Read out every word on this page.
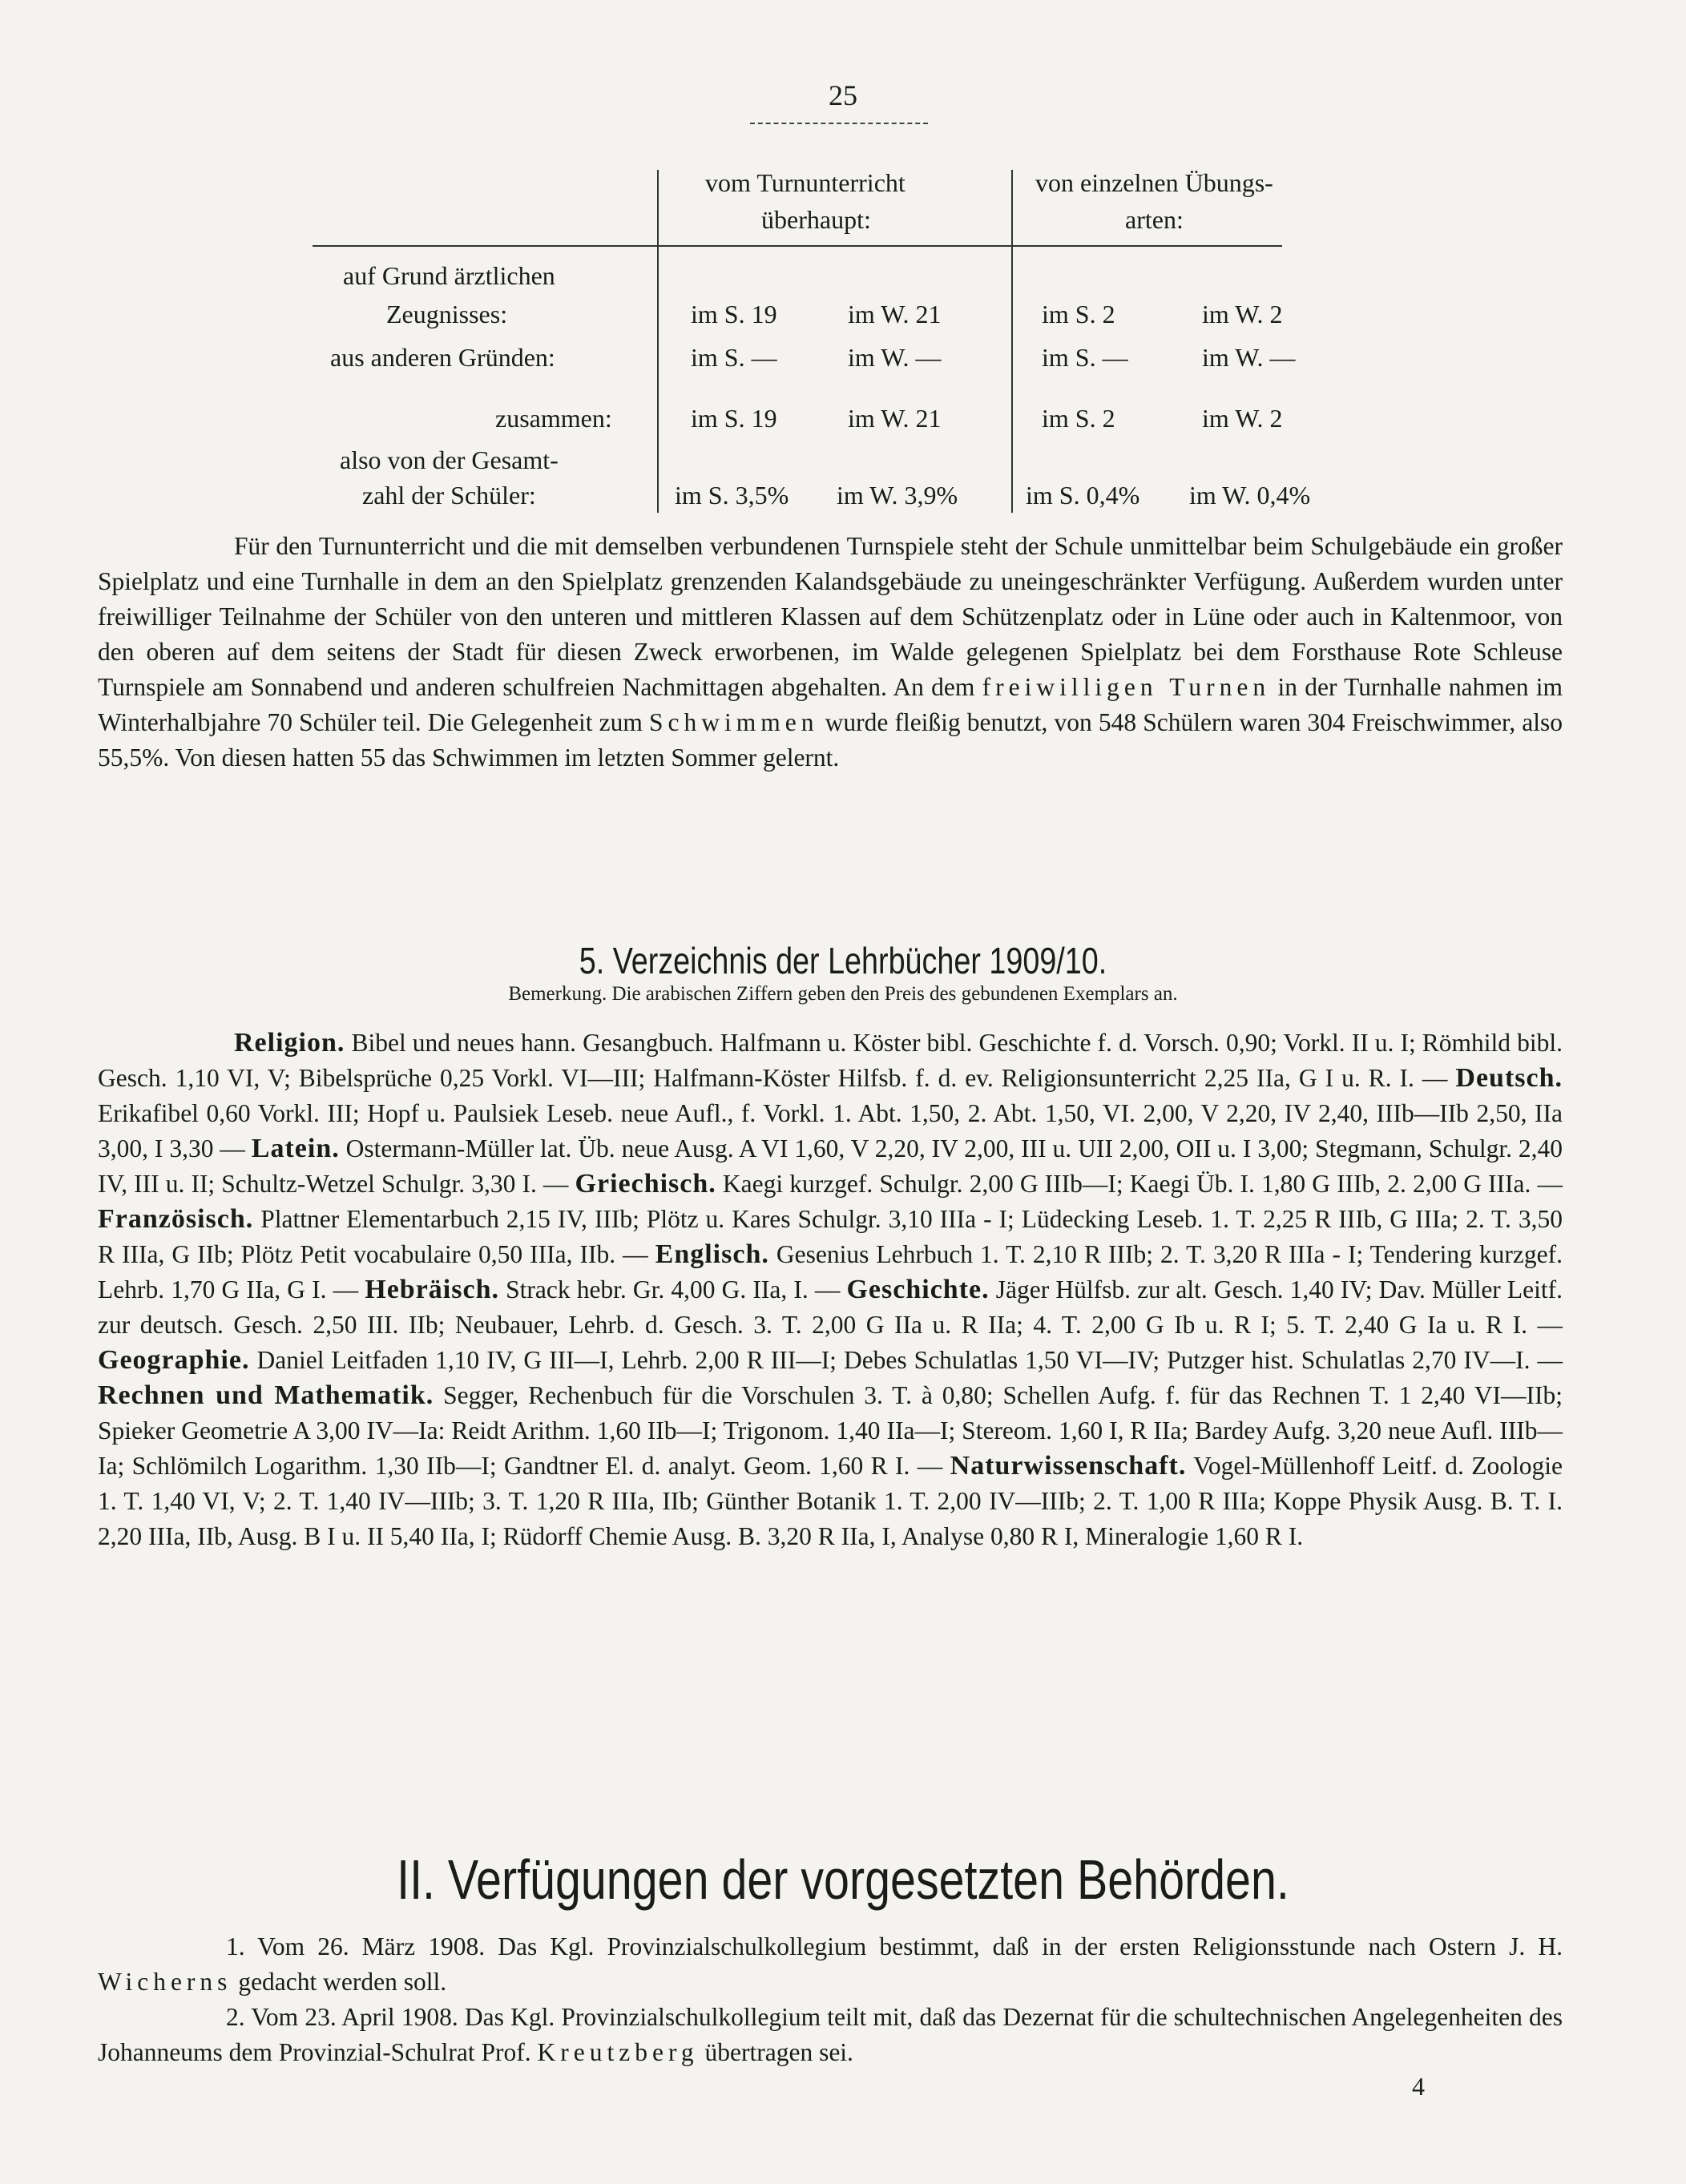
25
vom Turnunterricht
überhaupt:
von einzelnen Übungs-
arten:
auf Grund ärztlichen
Zeugnisses:	im S. 19	im W. 21	im S. 2	im W. 2
aus anderen Gründen:	im S. —	im W. —	im S. —	im W. —
zusammen:	im S. 19	im W. 21	im S. 2	im W. 2
also von der Gesamt-
zahl der Schüler:	im S. 3,5% im W. 3,9%	im S. 0,4% im W. 0,4%
Für den Turnunterricht und die mit demselben verbundenen Turnspiele steht der Schule unmittelbar beim Schulgebäude ein großer Spielplatz und eine Turnhalle in dem an den Spielplatz grenzenden Kalandsgebäude zu uneingeschränkter Verfügung. Außerdem wurden unter freiwilliger Teilnahme der Schüler von den unteren und mittleren Klassen auf dem Schützenplatz oder in Lüne oder auch in Kaltenmoor, von den oberen auf dem seitens der Stadt für diesen Zweck erworbenen, im Walde gelegenen Spielplatz bei dem Forsthause Rote Schleuse Turnspiele am Sonnabend und anderen schulfreien Nachmittagen abgehalten. An dem freiwilligen Turnen in der Turnhalle nahmen im Winterhalbjahre 70 Schüler teil. Die Gelegenheit zum Schwimmen wurde fleißig benutzt, von 548 Schülern waren 304 Freischwimmer, also 55,5%. Von diesen hatten 55 das Schwimmen im letzten Sommer gelernt.
5. Verzeichnis der Lehrbücher 1909/10.
Bemerkung. Die arabischen Ziffern geben den Preis des gebundenen Exemplars an.
Religion. Bibel und neues hann. Gesangbuch. Halfmann u. Köster bibl. Geschichte f. d. Vorsch. 0,90; Vorkl. II u. I; Römhild bibl. Gesch. 1,10 VI, V; Bibelsprüche 0,25 Vorkl. VI—III; Halfmann-Köster Hilfsb. f. d. ev. Religionsunterricht 2,25 IIa, G I u. R. I. — Deutsch. Erikafibel 0,60 Vorkl. III; Hopf u. Paulsiek Leseb. neue Aufl., f. Vorkl. 1. Abt. 1,50, 2. Abt. 1,50, VI. 2,00, V 2,20, IV 2,40, IIIb—IIb 2,50, IIa 3,00, I 3,30 — Latein. Ostermann-Müller lat. Üb. neue Ausg. A VI 1,60, V 2,20, IV 2,00, III u. UII 2,00, OII u. I 3,00; Stegmann, Schulgr. 2,40 IV, III u. II; Schultz-Wetzel Schulgr. 3,30 I. — Griechisch. Kaegi kurzgef. Schulgr. 2,00 G IIIb—I; Kaegi Üb. I. 1,80 G IIIb, 2. 2,00 G IIIa. — Französisch. Plattner Elementarbuch 2,15 IV, IIIb; Plötz u. Kares Schulgr. 3,10 IIIa - I; Lüdecking Leseb. 1. T. 2,25 R IIIb, G IIIa; 2. T. 3,50 R IIIa, G IIb; Plötz Petit vocabulaire 0,50 IIIa, IIb. — Englisch. Gesenius Lehrbuch 1. T. 2,10 R IIIb; 2. T. 3,20 R IIIa - I; Tendering kurzgef. Lehrb. 1,70 G IIa, G I. — Hebräisch. Strack hebr. Gr. 4,00 G. IIa, I. — Geschichte. Jäger Hülfsb. zur alt. Gesch. 1,40 IV; Dav. Müller Leitf. zur deutsch. Gesch. 2,50 III. IIb; Neubauer, Lehrb. d. Gesch. 3. T. 2,00 G IIa u. R IIa; 4. T. 2,00 G Ib u. R I; 5. T. 2,40 G Ia u. R I. — Geographie. Daniel Leitfaden 1,10 IV, G III—I, Lehrb. 2,00 R III—I; Debes Schulatlas 1,50 VI—IV; Putzger hist. Schulatlas 2,70 IV—I. — Rechnen und Mathematik. Segger, Rechenbuch für die Vorschulen 3. T. à 0,80; Schellen Aufg. f. für das Rechnen T. 1 2,40 VI—IIb; Spieker Geometrie A 3,00 IV—Ia: Reidt Arithm. 1,60 IIb—I; Trigonom. 1,40 IIa—I; Stereom. 1,60 I, R IIa; Bardey Aufg. 3,20 neue Aufl. IIIb—Ia; Schlömilch Logarithm. 1,30 IIb—I; Gandtner El. d. analyt. Geom. 1,60 R I. — Naturwissenschaft. Vogel-Müllenhoff Leitf. d. Zoologie 1. T. 1,40 VI, V; 2. T. 1,40 IV—IIIb; 3. T. 1,20 R IIIa, IIb; Günther Botanik 1. T. 2,00 IV—IIIb; 2. T. 1,00 R IIIa; Koppe Physik Ausg. B. T. I. 2,20 IIIa, IIb, Ausg. B I u. II 5,40 IIa, I; Rüdorff Chemie Ausg. B. 3,20 R IIa, I, Analyse 0,80 R I, Mineralogie 1,60 R I.
II. Verfügungen der vorgesetzten Behörden.
1. Vom 26. März 1908. Das Kgl. Provinzialschulkollegium bestimmt, daß in der ersten Religionsstunde nach Ostern J. H. Wicherns gedacht werden soll.
2. Vom 23. April 1908. Das Kgl. Provinzialschulkollegium teilt mit, daß das Dezernat für die schultechnischen Angelegenheiten des Johanneums dem Provinzial-Schulrat Prof. Kreutzberg übertragen sei.
4
